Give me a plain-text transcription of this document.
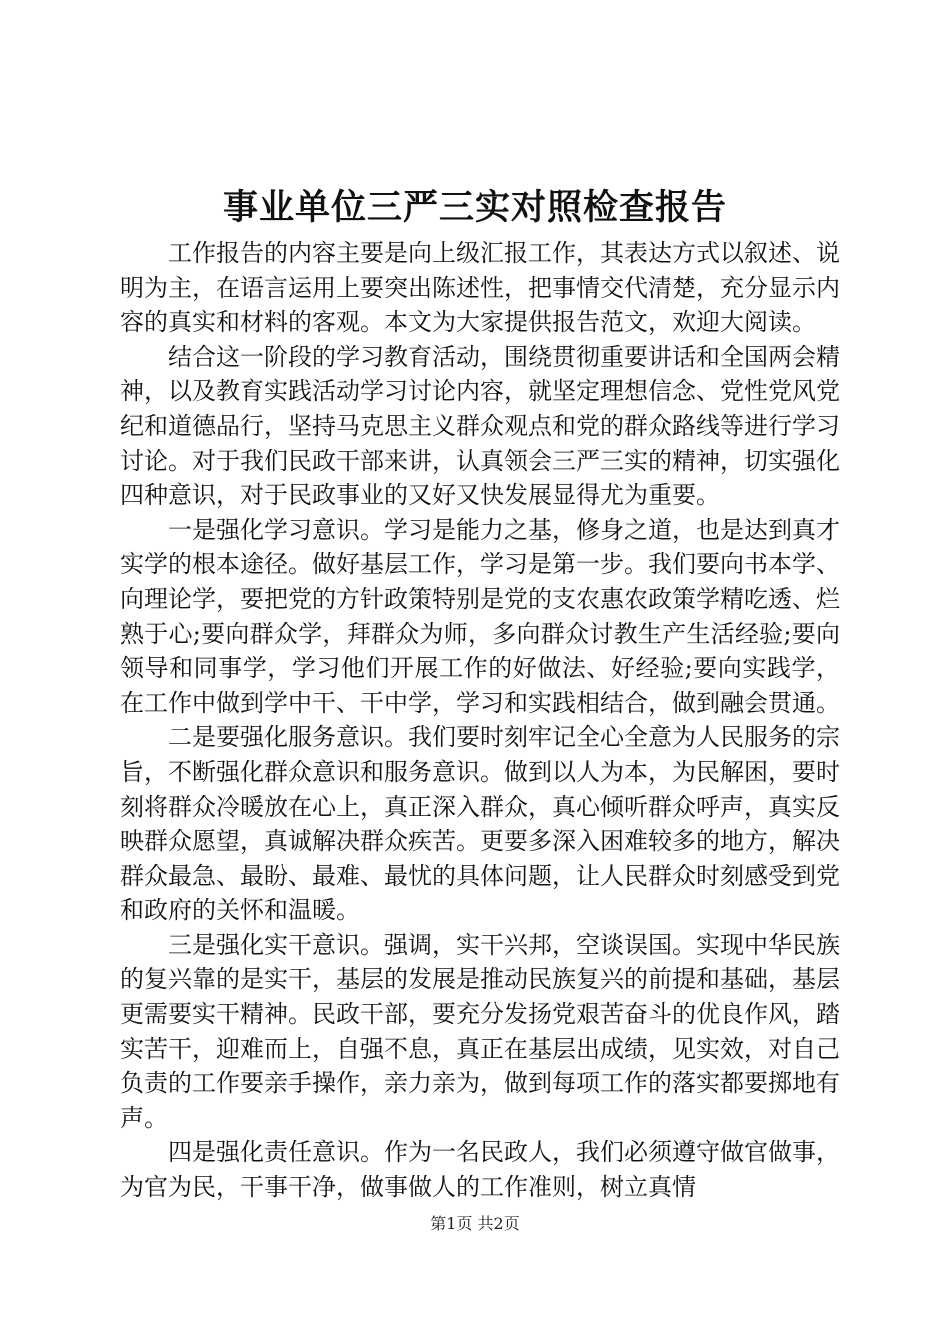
事业单位三严三实对照检查报告

工作报告的内容主要是向上级汇报工作，其表达方式以叙述、说明为主，在语言运用上要突出陈述性，把事情交代清楚，充分显示内容的真实和材料的客观。本文为大家提供报告范文，欢迎大阅读。

结合这一阶段的学习教育活动，围绕贯彻重要讲话和全国两会精神，以及教育实践活动学习讨论内容，就坚定理想信念、党性党风党纪和道德品行，坚持马克思主义群众观点和党的群众路线等进行学习讨论。对于我们民政干部来讲，认真领会三严三实的精神，切实强化四种意识，对于民政事业的又好又快发展显得尤为重要。

一是强化学习意识。学习是能力之基，修身之道，也是达到真才实学的根本途径。做好基层工作，学习是第一步。我们要向书本学、向理论学，要把党的方针政策特别是党的支农惠农政策学精吃透、烂熟于心;要向群众学，拜群众为师，多向群众讨教生产生活经验;要向领导和同事学，学习他们开展工作的好做法、好经验;要向实践学，在工作中做到学中干、干中学，学习和实践相结合，做到融会贯通。

二是要强化服务意识。我们要时刻牢记全心全意为人民服务的宗旨，不断强化群众意识和服务意识。做到以人为本，为民解困，要时刻将群众冷暖放在心上，真正深入群众，真心倾听群众呼声，真实反映群众愿望，真诚解决群众疾苦。更要多深入困难较多的地方，解决群众最急、最盼、最难、最忧的具体问题，让人民群众时刻感受到党和政府的关怀和温暖。

三是强化实干意识。强调，实干兴邦，空谈误国。实现中华民族的复兴靠的是实干，基层的发展是推动民族复兴的前提和基础，基层更需要实干精神。民政干部，要充分发扬党艰苦奋斗的优良作风，踏实苦干，迎难而上，自强不息，真正在基层出成绩，见实效，对自己负责的工作要亲手操作，亲力亲为，做到每项工作的落实都要掷地有声。

四是强化责任意识。作为一名民政人，我们必须遵守做官做事，为官为民，干事干净，做事做人的工作准则，树立真情

第1页 共2页
